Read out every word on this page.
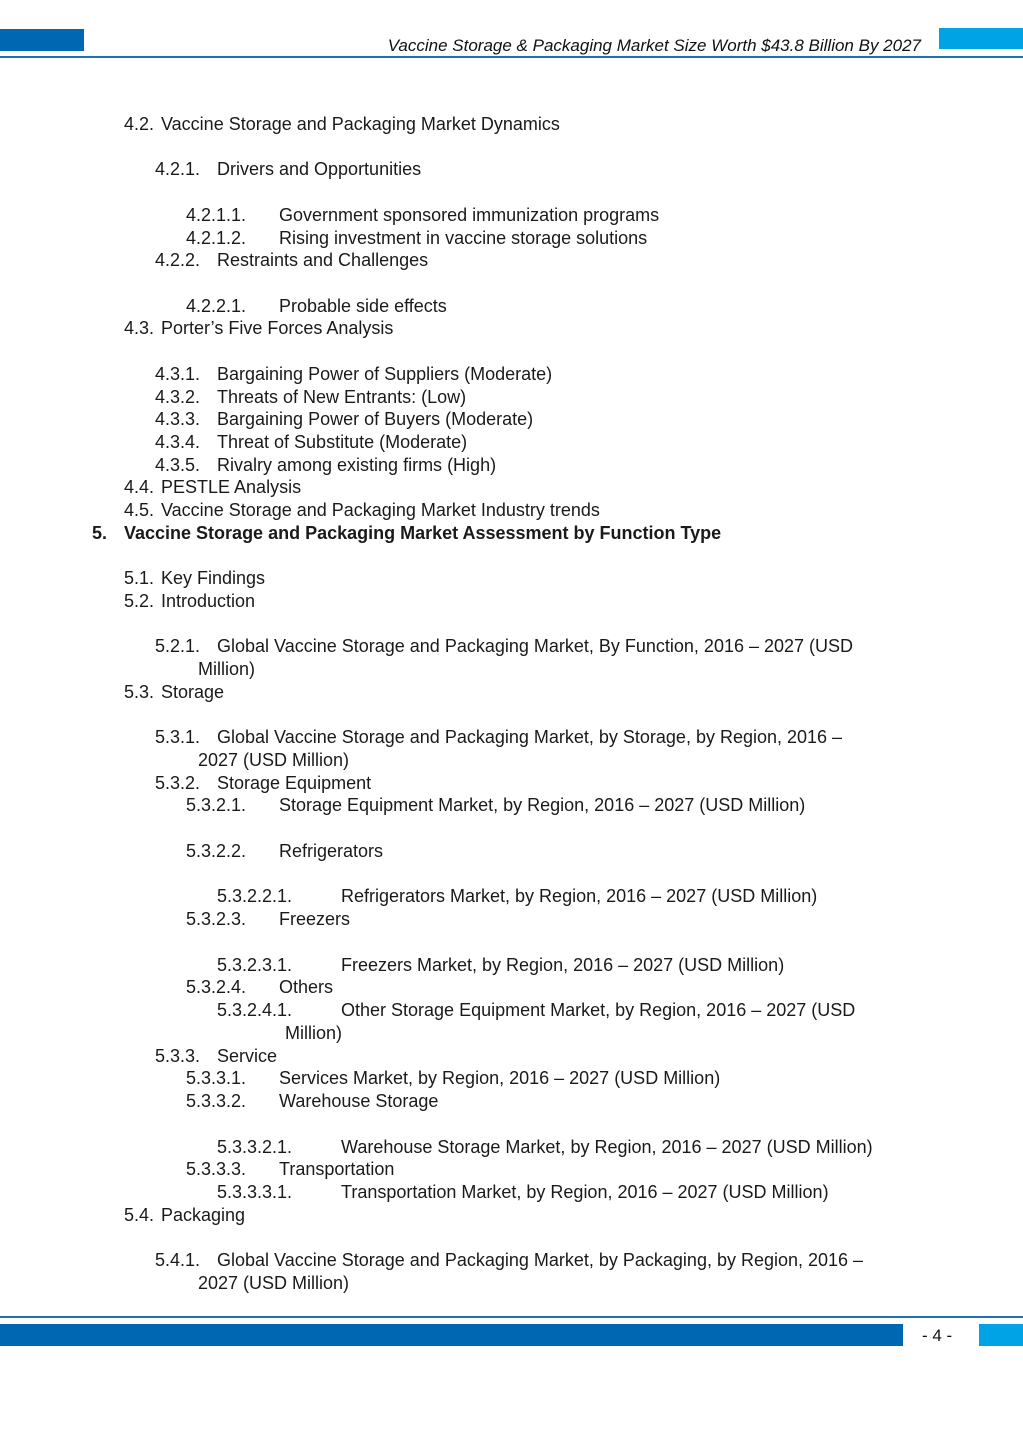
Vaccine Storage & Packaging Market Size Worth $43.8 Billion By 2027
4.2. Vaccine Storage and Packaging Market Dynamics
4.2.1. Drivers and Opportunities
4.2.1.1. Government sponsored immunization programs
4.2.1.2. Rising investment in vaccine storage solutions
4.2.2. Restraints and Challenges
4.2.2.1. Probable side effects
4.3. Porter’s Five Forces Analysis
4.3.1. Bargaining Power of Suppliers (Moderate)
4.3.2. Threats of New Entrants: (Low)
4.3.3. Bargaining Power of Buyers (Moderate)
4.3.4. Threat of Substitute (Moderate)
4.3.5. Rivalry among existing firms (High)
4.4. PESTLE Analysis
4.5. Vaccine Storage and Packaging Market Industry trends
5. Vaccine Storage and Packaging Market Assessment by Function Type
5.1. Key Findings
5.2. Introduction
5.2.1. Global Vaccine Storage and Packaging Market, By Function, 2016 – 2027 (USD
Million)
5.3. Storage
5.3.1. Global Vaccine Storage and Packaging Market, by Storage, by Region, 2016 –
2027 (USD Million)
5.3.2. Storage Equipment
5.3.2.1. Storage Equipment Market, by Region, 2016 – 2027 (USD Million)
5.3.2.2. Refrigerators
5.3.2.2.1.	Refrigerators Market, by Region, 2016 – 2027 (USD Million)
5.3.2.3. Freezers
5.3.2.3.1.	Freezers Market, by Region, 2016 – 2027 (USD Million)
5.3.2.4. Others
5.3.2.4.1.	Other Storage Equipment Market, by Region, 2016 – 2027 (USD
Million)
5.3.3. Service
5.3.3.1. Services Market, by Region, 2016 – 2027 (USD Million)
5.3.3.2. Warehouse Storage
5.3.3.2.1.	Warehouse Storage Market, by Region, 2016 – 2027 (USD Million)
5.3.3.3. Transportation
5.3.3.3.1.	Transportation Market, by Region, 2016 – 2027 (USD Million)
5.4. Packaging
5.4.1. Global Vaccine Storage and Packaging Market, by Packaging, by Region, 2016 –
2027 (USD Million)
- 4 -
